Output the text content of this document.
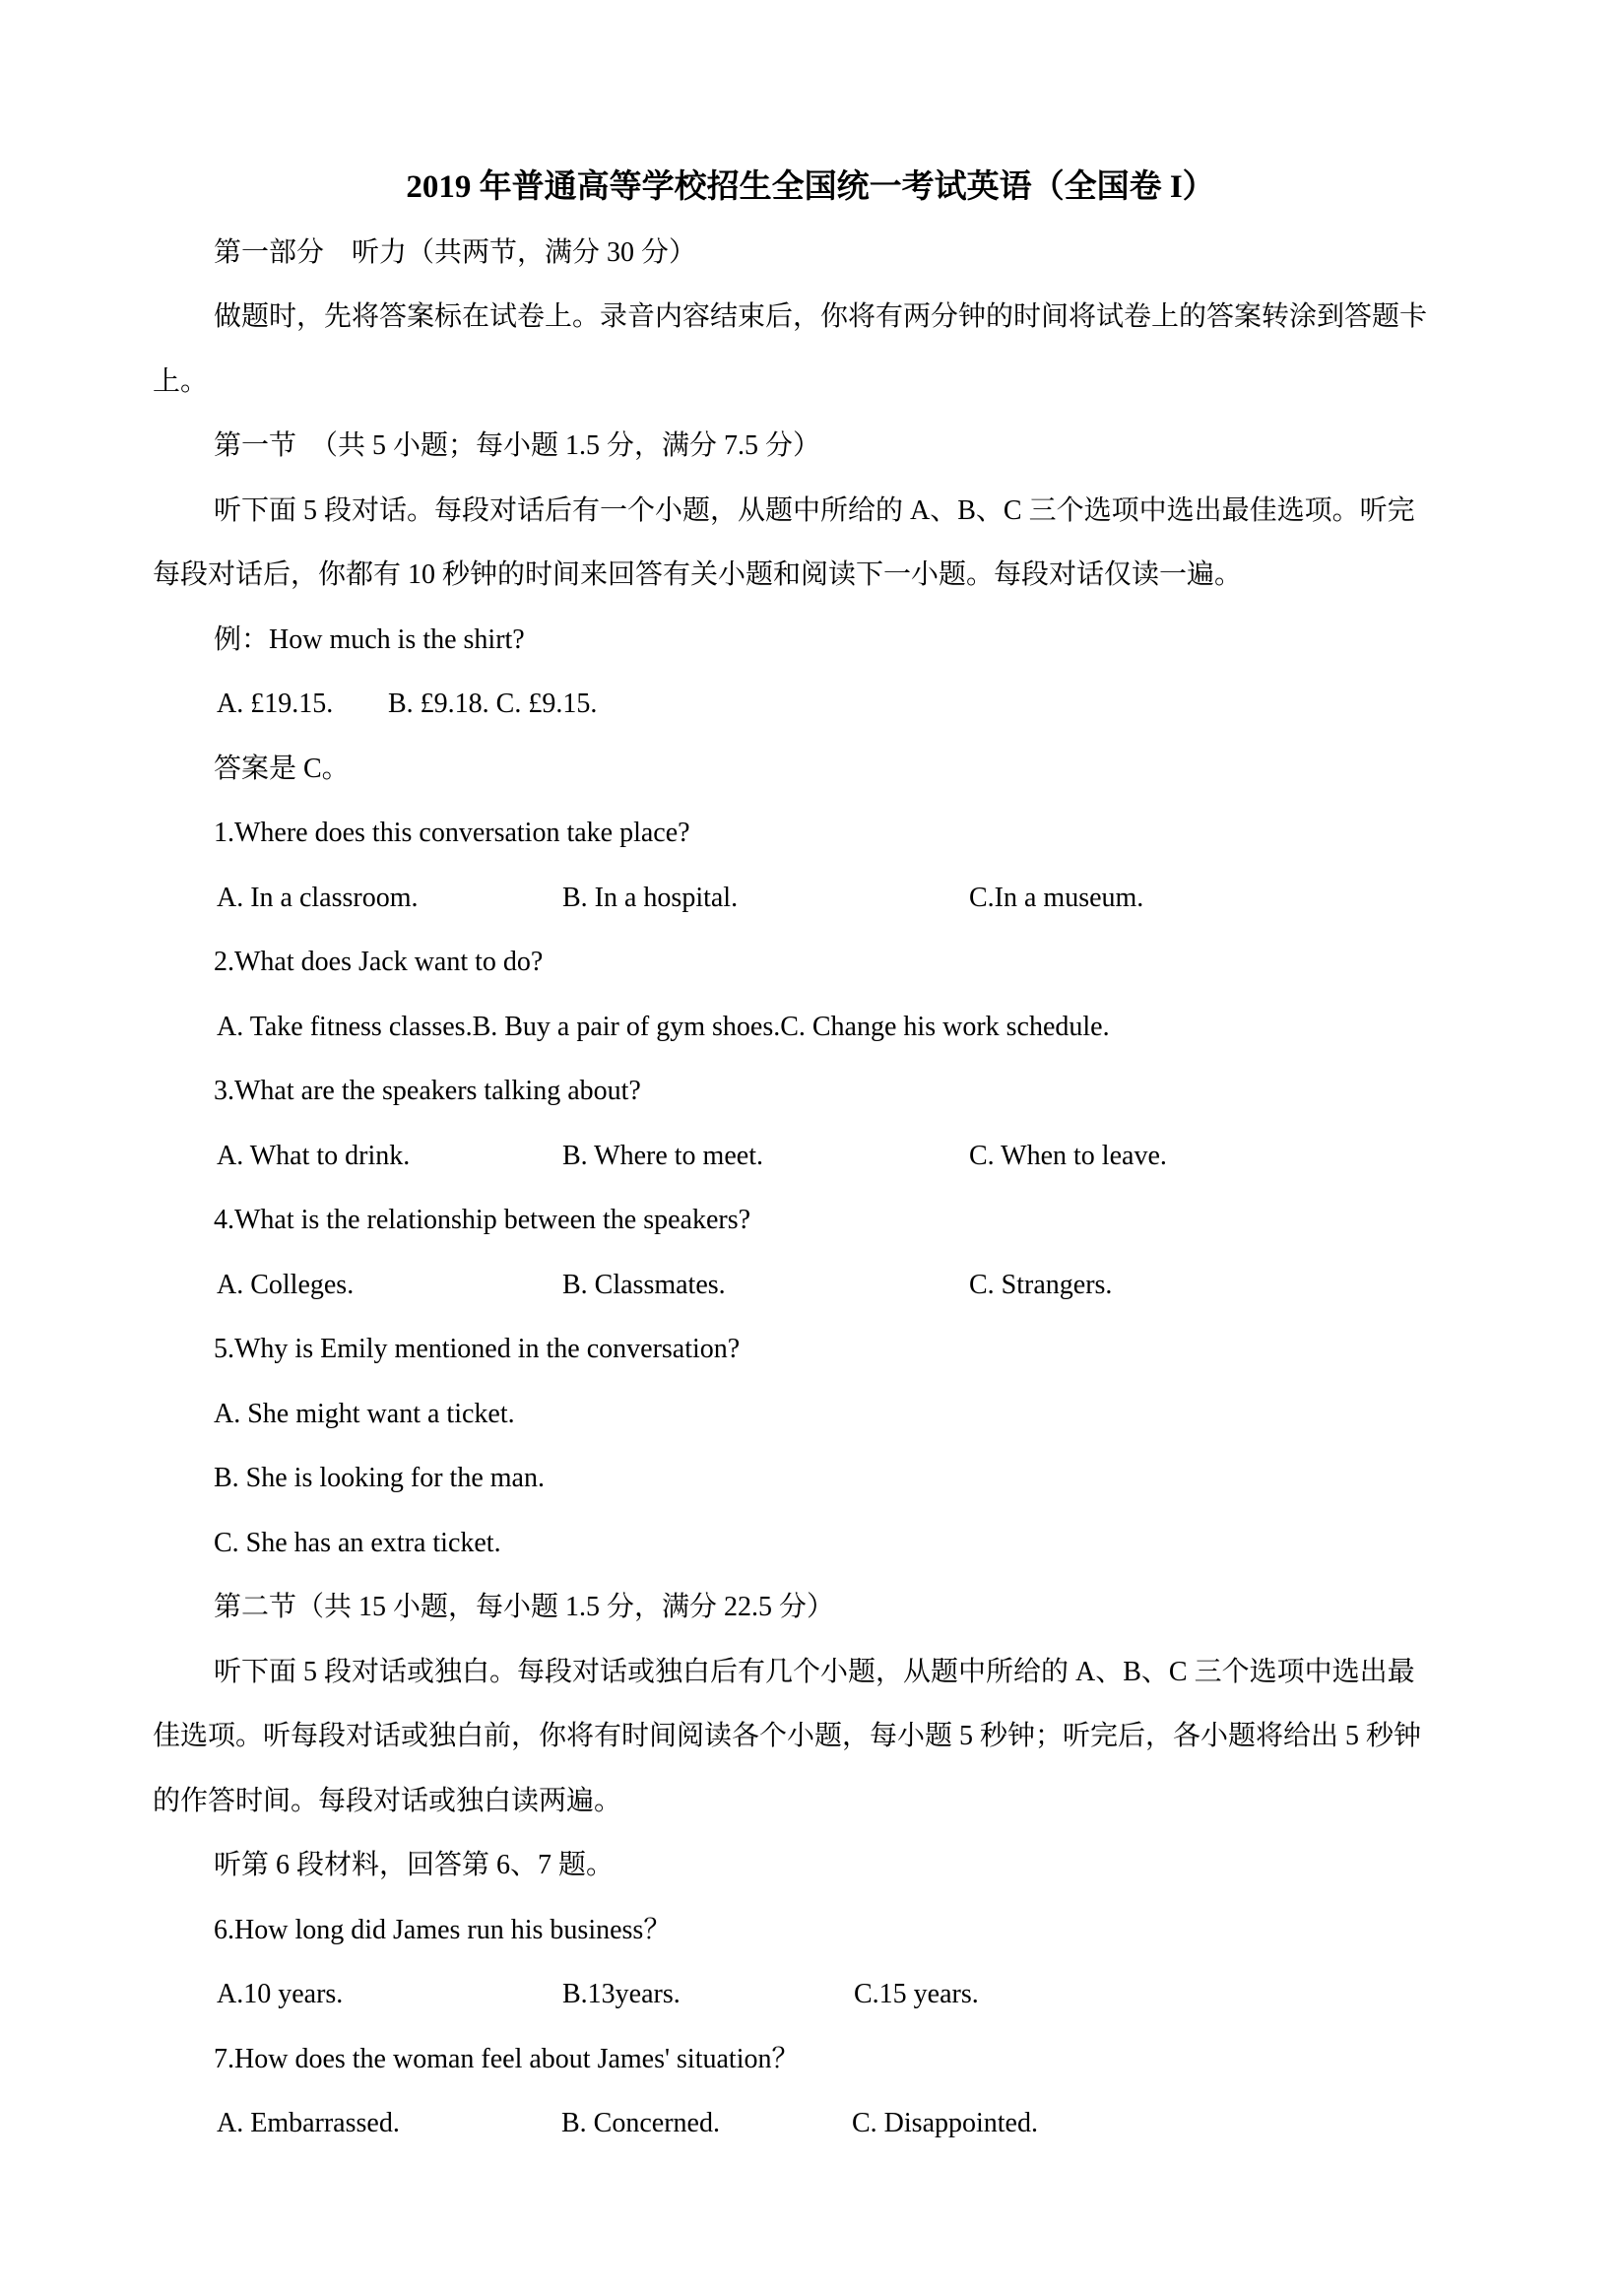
2019 年普通高等学校招生全国统一考试英语（全国卷 I）
第一部分　听力（共两节，满分 30 分）
做题时，先将答案标在试卷上。录音内容结束后，你将有两分钟的时间将试卷上的答案转涂到答题卡
上。
第一节　（共 5 小题；每小题 1.5 分，满分 7.5 分）
听下面 5 段对话。每段对话后有一个小题，从题中所给的 A、B、C 三个选项中选出最佳选项。听完
每段对话后，你都有 10 秒钟的时间来回答有关小题和阅读下一小题。每段对话仅读一遍。
例：How much is the shirt?
A. £19.15. B. £9.18. C. £9.15.
答案是 C。
1.Where does this conversation take place?
A. In a classroom.	B. In a hospital.	C.In a museum.
2.What does Jack want to do?
A. Take fitness classes.B. Buy a pair of gym shoes.C. Change his work schedule.
3.What are the speakers talking about?
A. What to drink.	B. Where to meet.	C. When to leave.
4.What is the relationship between the speakers?
A. Colleges.	B. Classmates.	C. Strangers.
5.Why is Emily mentioned in the conversation?
A. She might want a ticket.
B. She is looking for the man.
C. She has an extra ticket.
第二节（共 15 小题，每小题 1.5 分，满分 22.5 分）
听下面 5 段对话或独白。每段对话或独白后有几个小题，从题中所给的 A、B、C 三个选项中选出最
佳选项。听每段对话或独白前，你将有时间阅读各个小题，每小题 5 秒钟；听完后，各小题将给出 5 秒钟
的作答时间。每段对话或独白读两遍。
听第 6 段材料，回答第 6、7 题。
6.How long did James run his business？
A.10 years.	B.13years.	C.15 years.
7.How does the woman feel about James' situation？
A. Embarrassed.	B. Concerned.	C. Disappointed.
